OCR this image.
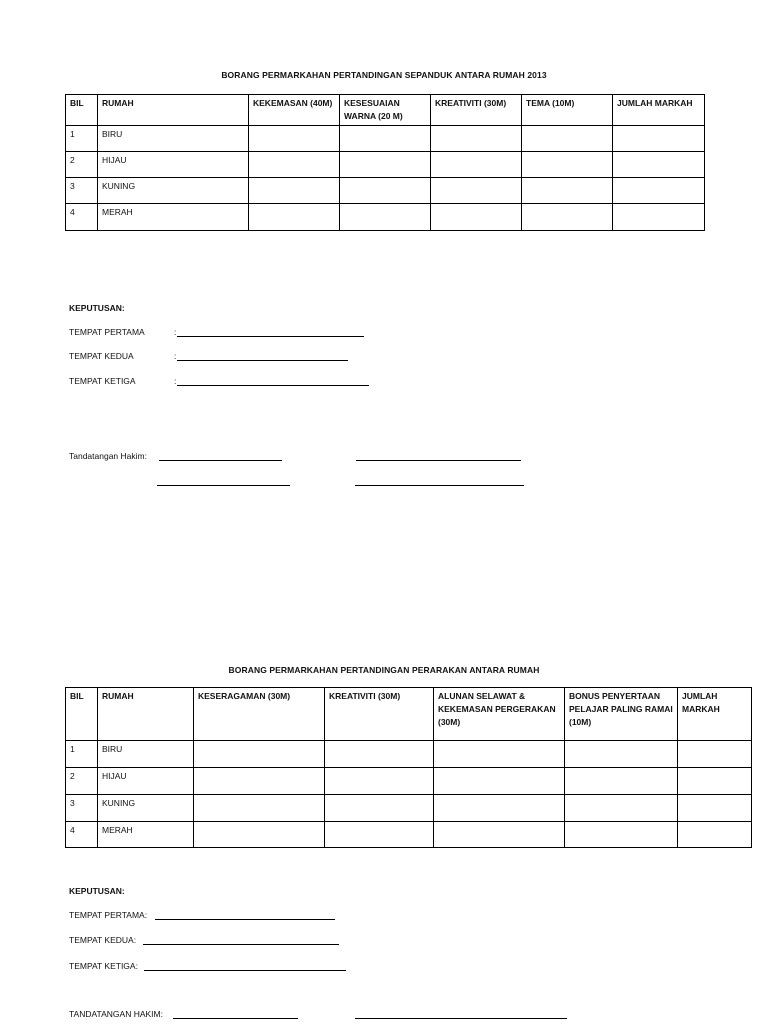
BORANG PERMARKAHAN PERTANDINGAN SEPANDUK ANTARA RUMAH 2013
BIL	RUMAH	KEKEMASAN (40M)	KESESUAIAN WARNA (20 M)	KREATIVITI (30M)	TEMA (10M)	JUMLAH MARKAH
1	BIRU					
2	HIJAU					
3	KUNING					
4	MERAH					
KEPUTUSAN:
TEMPAT PERTAMA	:
TEMPAT KEDUA	:
TEMPAT KETIGA	:
Tandatangan Hakim:
BORANG PERMARKAHAN PERTANDINGAN PERARAKAN ANTARA RUMAH
BIL	RUMAH	KESERAGAMAN (30M)	KREATIVITI (30M)	ALUNAN SELAWAT & KEKEMASAN PERGERAKAN (30M)	BONUS PENYERTAAN PELAJAR PALING RAMAI (10M)	JUMLAH MARKAH
1	BIRU					
2	HIJAU					
3	KUNING					
4	MERAH					
KEPUTUSAN:
TEMPAT PERTAMA:
TEMPAT KEDUA:
TEMPAT KETIGA:
TANDATANGAN HAKIM:
